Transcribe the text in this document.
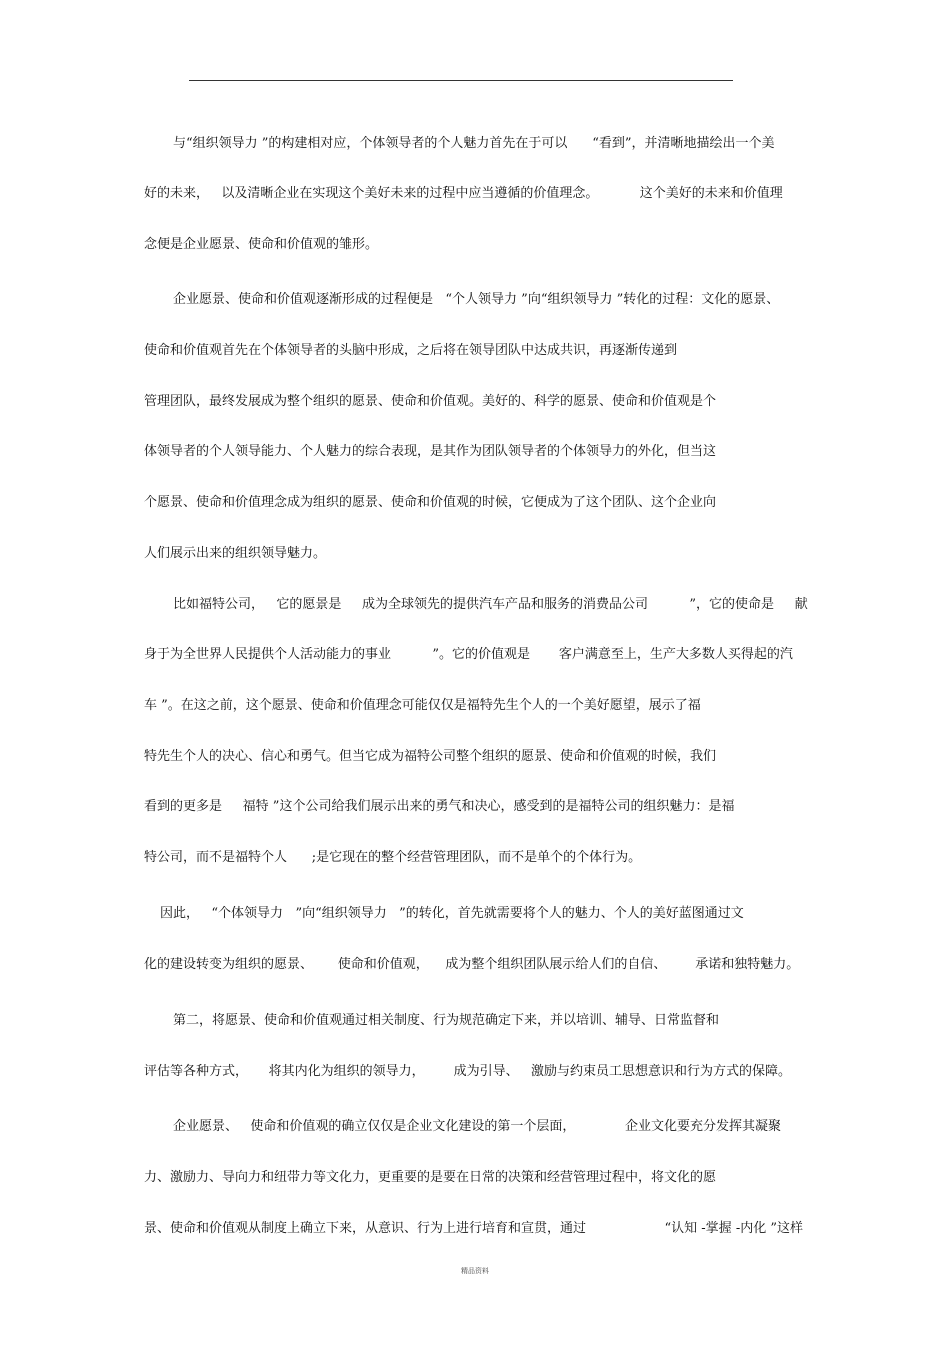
与“组织领导力 ”的构建相对应，个体领导者的个人魅力首先在于可以      “看到”，并清晰地描绘出一个美
好的未来，   以及清晰企业在实现这个美好未来的过程中应当遵循的价值理念。          这个美好的未来和价值理
念便是企业愿景、使命和价值观的雏形。
企业愿景、使命和价值观逐渐形成的过程便是   “个人领导力 ”向“组织领导力 ”转化的过程：文化的愿景、
使命和价值观首先在个体领导者的头脑中形成，之后将在领导团队中达成共识，再逐渐传递到
管理团队，最终发展成为整个组织的愿景、使命和价值观。美好的、科学的愿景、使命和价值观是个
体领导者的个人领导能力、个人魅力的综合表现，是其作为团队领导者的个体领导力的外化，但当这
个愿景、使命和价值理念成为组织的愿景、使命和价值观的时候，它便成为了这个团队、这个企业向
人们展示出来的组织领导魅力。
比如福特公司，   它的愿景是     成为全球领先的提供汽车产品和服务的消费品公司          ”，它的使命是     献
身于为全世界人民提供个人活动能力的事业          ”。它的价值观是       客户满意至上，生产大多数人买得起的汽
车 ”。在这之前，这个愿景、使命和价值理念可能仅仅是福特先生个人的一个美好愿望，展示了福
特先生个人的决心、信心和勇气。但当它成为福特公司整个组织的愿景、使命和价值观的时候，我们
看到的更多是     福特 ”这个公司给我们展示出来的勇气和决心，感受到的是福特公司的组织魅力：是福
特公司，而不是福特个人      ;是它现在的整个经营管理团队，而不是单个的个体行为。
因此，   “个体领导力   ”向“组织领导力   ”的转化，首先就需要将个人的魅力、个人的美好蓝图通过文
化的建设转变为组织的愿景、      使命和价值观，    成为整个组织团队展示给人们的自信、       承诺和独特魅力。
第二，将愿景、使命和价值观通过相关制度、行为规范确定下来，并以培训、辅导、日常监督和
评估等各种方式，     将其内化为组织的领导力，       成为引导、   激励与约束员工思想意识和行为方式的保障。
企业愿景、   使命和价值观的确立仅仅是企业文化建设的第一个层面，            企业文化要充分发挥其凝聚
力、激励力、导向力和纽带力等文化力，更重要的是要在日常的决策和经营管理过程中，将文化的愿
景、使命和价值观从制度上确立下来，从意识、行为上进行培育和宣贯，通过                   “认知 -掌握 -内化 ”这样
精品资料
